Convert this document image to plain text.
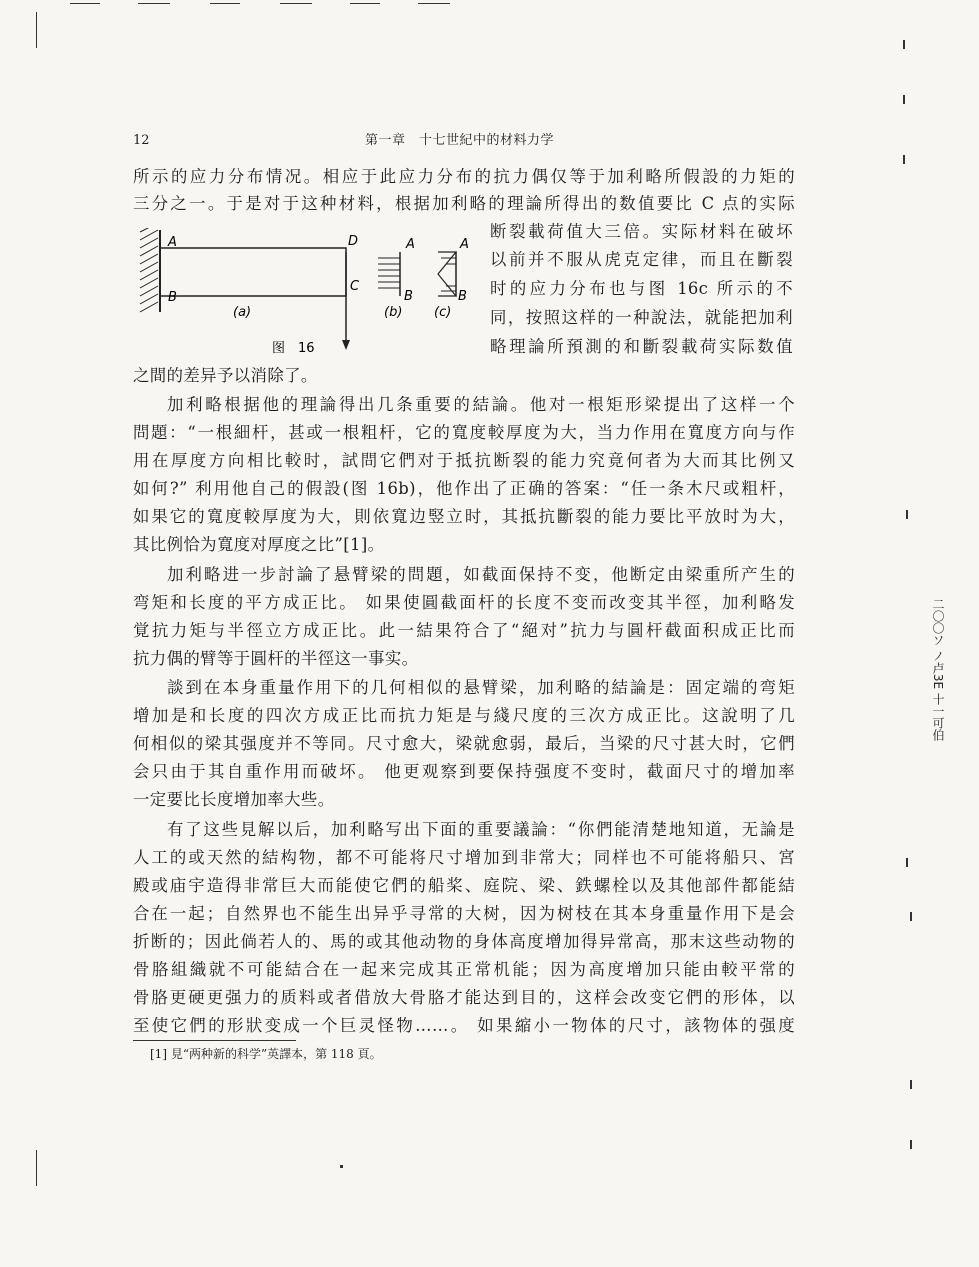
二〇〇ソ ノ卢3E 十一可伯
12	第一章　十七世紀中的材料力学
所示的应力分布情况。相应于此应力分布的抗力偶仅等于加利略所假設的力矩的
三分之一。于是对于这种材料，根据加利略的理論所得出的数值要比 C 点的实际
A
B
D
C
A
B
A
B
(a)	(b) (c)
图　16
断裂載荷值大三倍。实际材料在破坏
以前并不服从虎克定律，而且在斷裂
时的应力分布也与图 16c 所示的不
同，按照这样的一种說法，就能把加利
略理論所預測的和斷裂載荷实际数值
之間的差异予以消除了。
加利略根据他的理論得出几条重要的結論。他对一根矩形梁提出了这样一个
問題：“一根細杆，甚或一根粗杆，它的寬度較厚度为大，当力作用在寬度方向与作
用在厚度方向相比較时，試問它們对于抵抗断裂的能力究竟何者为大而其比例又
如何?” 利用他自己的假設(图 16b)，他作出了正确的答案：“任一条木尺或粗杆，
如果它的寬度較厚度为大，則依寬边竪立时，其抵抗斷裂的能力要比平放时为大，
其比例恰为寬度对厚度之比”[1]。
加利略进一步討論了悬臂梁的問題，如截面保持不变，他断定由梁重所产生的
弯矩和长度的平方成正比。 如果使圓截面杆的长度不变而改变其半徑，加利略发
覚抗力矩与半徑立方成正比。此一結果符合了“絕对”抗力与圓杆截面积成正比而
抗力偶的臂等于圓杆的半徑这一事实。
談到在本身重量作用下的几何相似的悬臂梁，加利略的結論是：固定端的弯矩
增加是和长度的四次方成正比而抗力矩是与綫尺度的三次方成正比。这說明了几
何相似的梁其强度并不等同。尺寸愈大，梁就愈弱，最后，当梁的尺寸甚大时，它們
会只由于其自重作用而破坏。 他更观察到要保持强度不变时，截面尺寸的增加率
一定要比长度增加率大些。
有了这些見解以后，加利略写出下面的重要議論：“你們能清楚地知道，无論是
人工的或天然的結构物，都不可能将尺寸增加到非常大；同样也不可能将船只、宮
殿或庙宇造得非常巨大而能使它們的船桨、庭院、梁、鉄螺栓以及其他部件都能結
合在一起；自然界也不能生出异乎寻常的大树，因为树枝在其本身重量作用下是会
折断的；因此倘若人的、馬的或其他动物的身体高度增加得异常高，那末这些动物的
骨胳組織就不可能結合在一起来完成其正常机能；因为高度增加只能由較平常的
骨胳更硬更强力的质料或者借放大骨胳才能达到目的，这样会改变它們的形体，以
至使它們的形狀变成一个巨灵怪物……。 如果縮小一物体的尺寸，該物体的强度
[1] 見“两种新的科学”英譯本，第 118 頁。
